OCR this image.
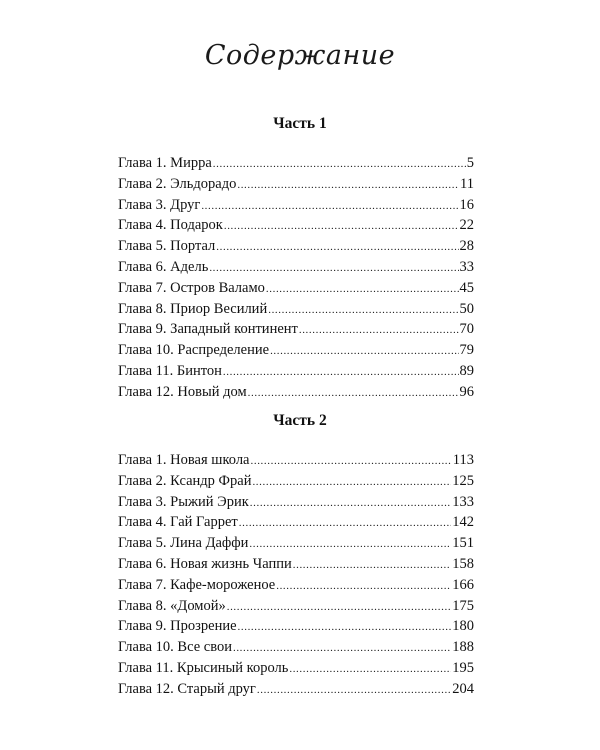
Содержание
Часть 1
Глава 1. Мирра .....	5
Глава 2. Эльдорадо .....	11
Глава 3. Друг .....	16
Глава 4. Подарок .....	22
Глава 5. Портал .....	28
Глава 6. Адель .....	33
Глава 7. Остров Валамо .....	45
Глава 8. Приор Весилий .....	50
Глава 9. Западный континент .....	70
Глава 10. Распределение .....	79
Глава 11. Бинтон .....	89
Глава 12. Новый дом .....	96
Часть 2
Глава 1. Новая школа .....	113
Глава 2. Ксандр Фрай .....	125
Глава 3. Рыжий Эрик .....	133
Глава 4. Гай Гаррет .....	142
Глава 5. Лина Даффи .....	151
Глава 6. Новая жизнь Чаппи .....	158
Глава 7. Кафе-мороженое .....	166
Глава 8. «Домой» .....	175
Глава 9. Прозрение .....	180
Глава 10. Все свои .....	188
Глава 11. Крысиный король .....	195
Глава 12. Старый друг .....	204
